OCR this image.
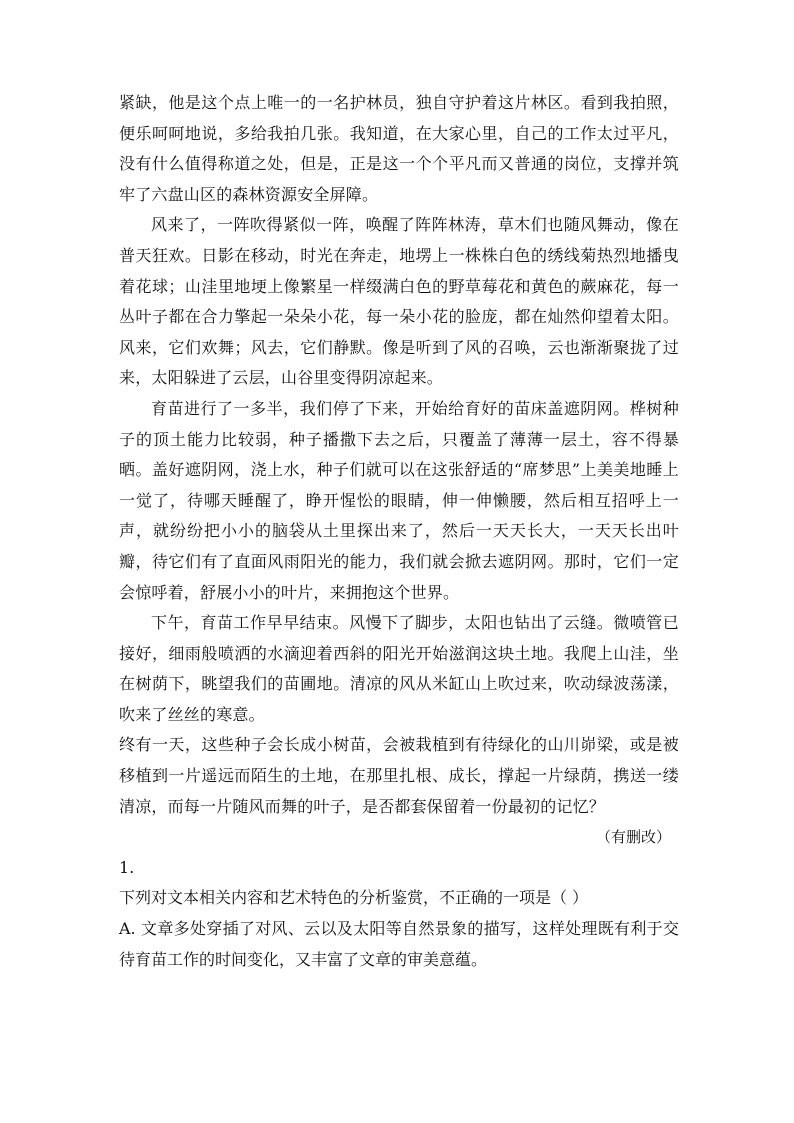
紧缺，他是这个点上唯一的一名护林员，独自守护着这片林区。看到我拍照，便乐呵呵地说，多给我拍几张。我知道，在大家心里，自己的工作太过平凡，没有什么值得称道之处，但是，正是这一个个平凡而又普通的岗位，支撑并筑牢了六盘山区的森林资源安全屏障。

风来了，一阵吹得紧似一阵，唤醒了阵阵林涛，草木们也随风舞动，像在普天狂欢。日影在移动，时光在奔走，地塄上一株株白色的绣线菊热烈地播曳着花球；山洼里地埂上像繁星一样缀满白色的野草莓花和黄色的蕨麻花，每一丛叶子都在合力擎起一朵朵小花，每一朵小花的脸庞，都在灿然仰望着太阳。风来，它们欢舞；风去，它们静默。像是听到了风的召唤，云也渐渐聚拢了过来，太阳躲进了云层，山谷里变得阴凉起来。

育苗进行了一多半，我们停了下来，开始给育好的苗床盖遮阴网。桦树种子的顶土能力比较弱，种子播撒下去之后，只覆盖了薄薄一层土，容不得暴晒。盖好遮阴网，浇上水，种子们就可以在这张舒适的“席梦思”上美美地睡上一觉了，待哪天睡醒了，睁开惺忪的眼睛，伸一伸懒腰，然后相互招呼上一声，就纷纷把小小的脑袋从土里探出来了，然后一天天长大，一天天长出叶瓣，待它们有了直面风雨阳光的能力，我们就会掀去遮阴网。那时，它们一定会惊呼着，舒展小小的叶片，来拥抱这个世界。

下午，育苗工作早早结束。风慢下了脚步，太阳也钻出了云缝。微喷管已接好，细雨般喷洒的水滴迎着西斜的阳光开始滋润这块土地。我爬上山洼，坐在树荫下，眺望我们的苗圃地。清凉的风从米缸山上吹过来，吹动绿波荡漾，吹来了丝丝的寒意。

终有一天，这些种子会长成小树苗，会被栽植到有待绿化的山川峁梁，或是被移植到一片遥远而陌生的土地，在那里扎根、成长，撑起一片绿荫，携送一缕清凉，而每一片随风而舞的叶子，是否都套保留着一份最初的记忆？

（有删改）

1.

下列对文本相关内容和艺术特色的分析鉴赏，不正确的一项是（ ）

A. 文章多处穿插了对风、云以及太阳等自然景象的描写，这样处理既有利于交待育苗工作的时间变化，又丰富了文章的审美意蕴。
